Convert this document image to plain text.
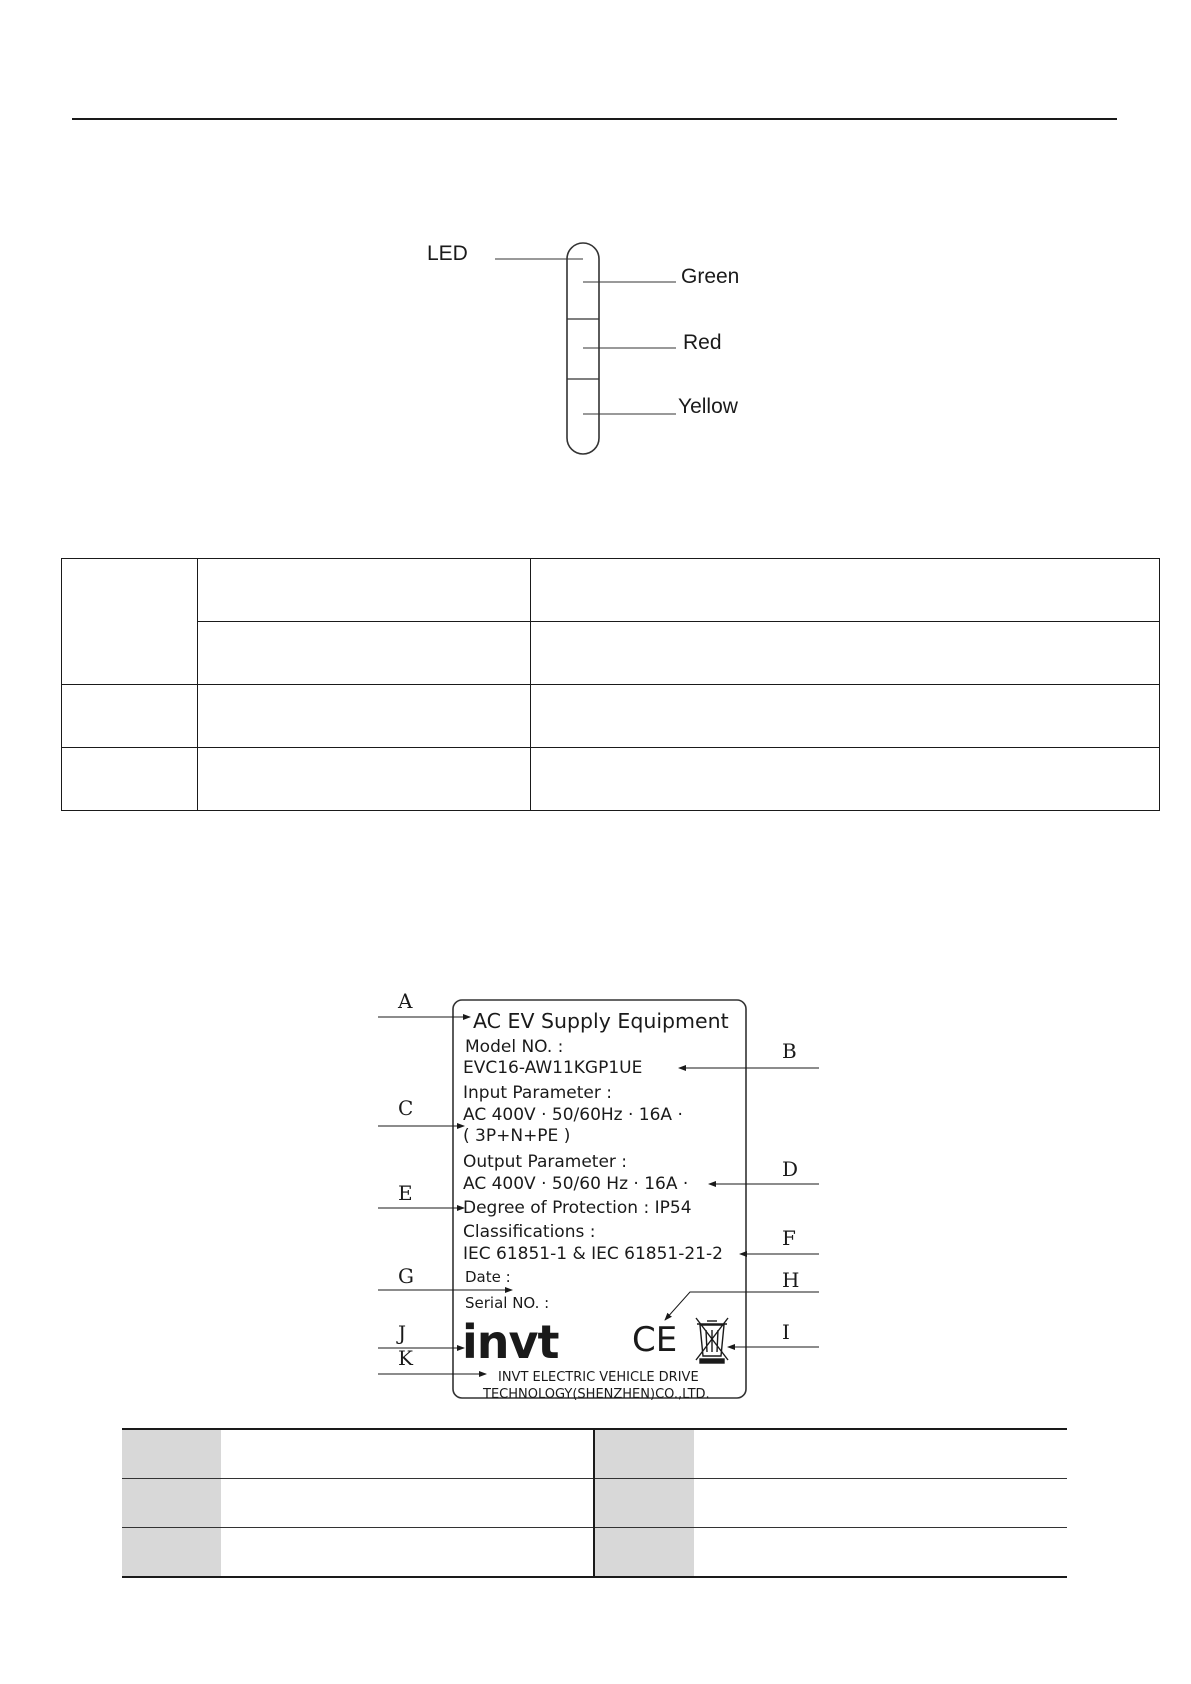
LED
Green
Red
Yellow

AC EV Supply Equipment
Model NO. :
EVC16-AW11KGP1UE
Input Parameter :
AC 400V · 50/60Hz · 16A ·
( 3P+N+PE )
Output Parameter :
AC 400V · 50/60 Hz · 16A ·
Degree of Protection : IP54
Classifications :
IEC 61851-1 & IEC 61851-21-2
Date :
Serial NO. :
invt CE
INVT ELECTRIC VEHICLE DRIVE
TECHNOLOGY(SHENZHEN)CO.,LTD.
A
B
C
D
E
F
G	H
I
J
K
